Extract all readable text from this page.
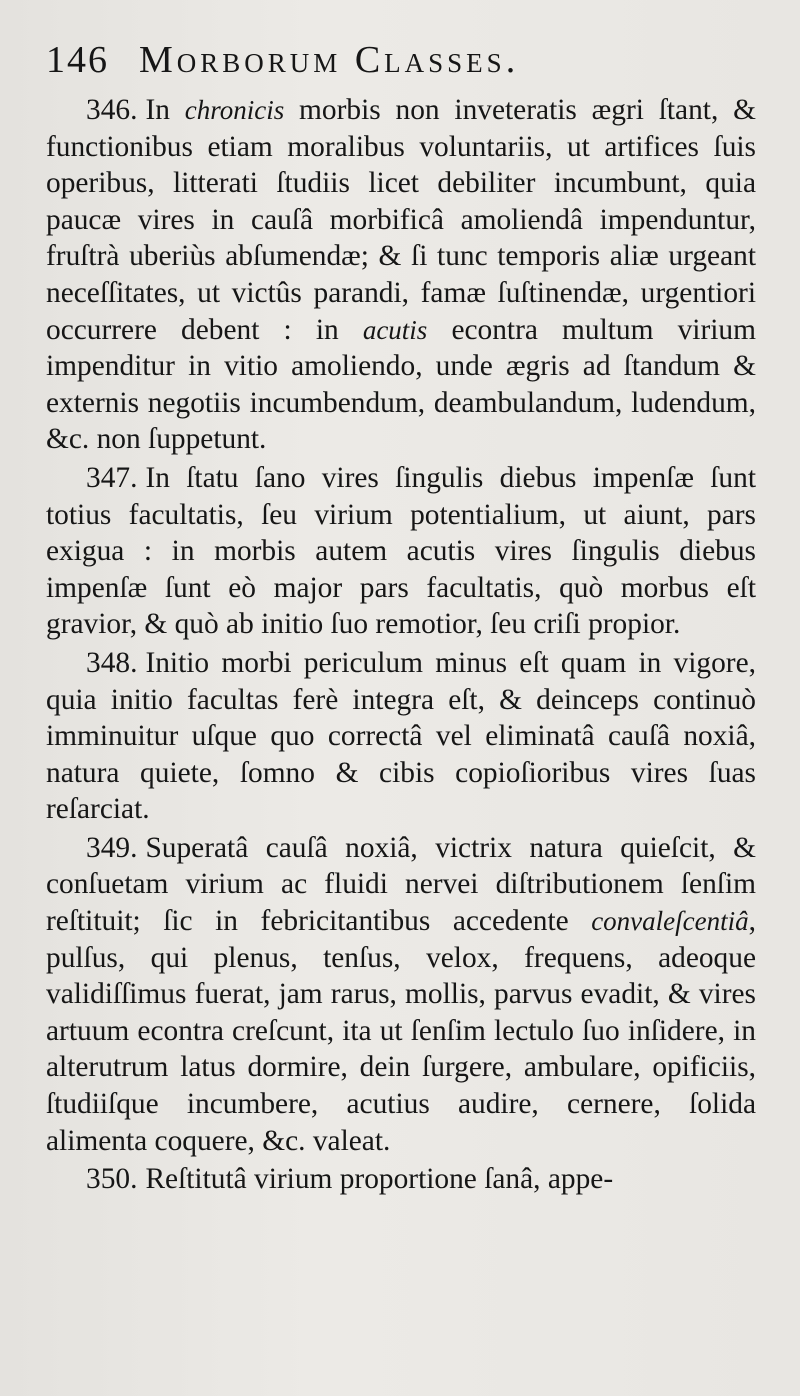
146 Morborum Classes.

346. In chronicis morbis non inveteratis ægri ſtant, & functionibus etiam moralibus voluntariis, ut artifices ſuis operibus, litterati ſtudiis licet debiliter incumbunt, quia paucæ vires in cauſâ morbificâ amoliendâ impenduntur, fruſtrà uberiùs abſumendæ; & ſi tunc temporis aliæ urgeant neceſſitates, ut victûs parandi, famæ ſuſtinendæ, urgentiori occurrere debent : in acutis econtra multum virium impenditur in vitio amoliendo, unde ægris ad ſtandum & externis negotiis incumbendum, deambulandum, ludendum, &c. non ſuppetunt.

347. In ſtatu ſano vires ſingulis diebus impenſæ ſunt totius facultatis, ſeu virium potentialium, ut aiunt, pars exigua : in morbis autem acutis vires ſingulis diebus impenſæ ſunt eò major pars facultatis, quò morbus eſt gravior, & quò ab initio ſuo remotior, ſeu criſi propior.

348. Initio morbi periculum minus eſt quam in vigore, quia initio facultas ferè integra eſt, & deinceps continuò imminuitur uſque quo correctâ vel eliminatâ cauſâ noxiâ, natura quiete, ſomno & cibis copioſioribus vires ſuas reſarciat.

349. Superatâ cauſâ noxiâ, victrix natura quieſcit, & conſuetam virium ac fluidi nervei diſtributionem ſenſim reſtituit; ſic in febricitantibus accedente convaleſcentiâ, pulſus, qui plenus, tenſus, velox, frequens, adeoque validiſſimus fuerat, jam rarus, mollis, parvus evadit, & vires artuum econtra creſcunt, ita ut ſenſim lectulo ſuo inſidere, in alterutrum latus dormire, dein ſurgere, ambulare, opificiis, ſtudiiſque incumbere, acutius audire, cernere, ſolida alimenta coquere, &c. valeat.

350. Reſtitutâ virium proportione ſanâ, appe-
